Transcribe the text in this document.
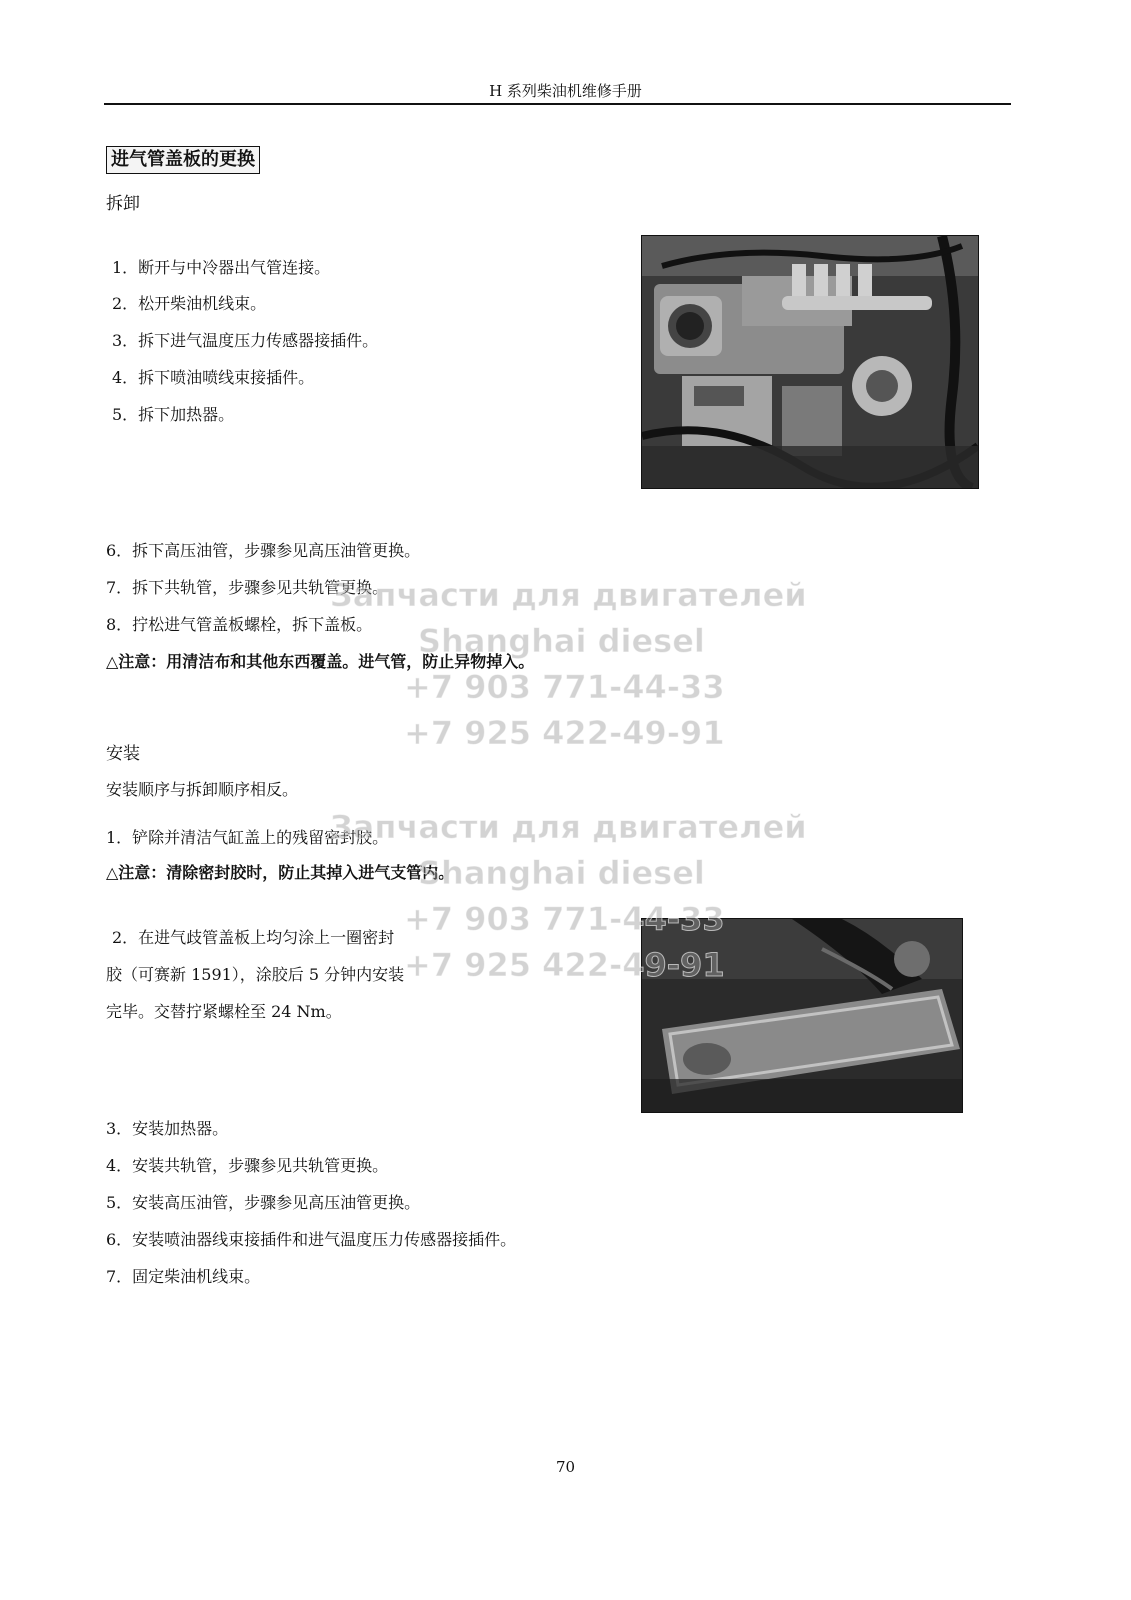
H 系列柴油机维修手册
进气管盖板的更换
拆卸
1．断开与中冷器出气管连接。
2．松开柴油机线束。
3．拆下进气温度压力传感器接插件。
4．拆下喷油喷线束接插件。
5．拆下加热器。
6．拆下高压油管，步骤参见高压油管更换。
7．拆下共轨管，步骤参见共轨管更换。
8．拧松进气管盖板螺栓，拆下盖板。
△注意：用清洁布和其他东西覆盖。进气管，防止异物掉入。
安装
安装顺序与拆卸顺序相反。
1．铲除并清洁气缸盖上的残留密封胶。
△注意：清除密封胶时，防止其掉入进气支管内。
2．在进气歧管盖板上均匀涂上一圈密封
胶（可赛新 1591），涂胶后 5 分钟内安装
完毕。交替拧紧螺栓至 24 Nm。
3．安装加热器。
4．安装共轨管，步骤参见共轨管更换。
5．安装高压油管，步骤参见高压油管更换。
6．安装喷油器线束接插件和进气温度压力传感器接插件。
7．固定柴油机线束。
Запчасти для двигателей
Shanghai diesel
+7 903 771-44-33
+7 925 422-49-91
Запчасти для двигателей
Shanghai diesel
+7 903 771-44-33
+7 925 422-49-91
70
